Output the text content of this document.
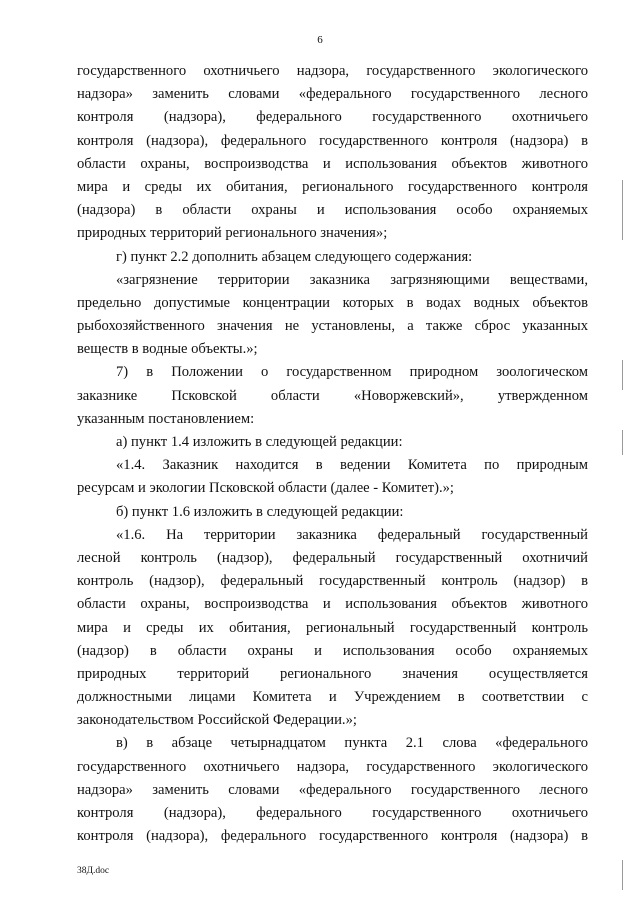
6
государственного охотничьего надзора, государственного экологического
надзора» заменить словами «федерального государственного лесного
контроля (надзора), федерального государственного охотничьего
контроля (надзора), федерального государственного контроля (надзора) в
области охраны, воспроизводства и использования объектов животного
мира и среды их обитания, регионального государственного контроля
(надзора) в области охраны и использования особо охраняемых
природных территорий регионального значения»;
г) пункт 2.2 дополнить абзацем следующего содержания:
«загрязнение территории заказника загрязняющими веществами,
предельно допустимые концентрации которых в водах водных объектов
рыбохозяйственного значения не установлены, а также сброс указанных
веществ в водные объекты.»;
7) в Положении о государственном природном зоологическом
заказнике Псковской области «Новоржевский», утвержденном
указанным постановлением:
а) пункт 1.4 изложить в следующей редакции:
«1.4. Заказник находится в ведении Комитета по природным
ресурсам и экологии Псковской области (далее - Комитет).»;
б) пункт 1.6 изложить в следующей редакции:
«1.6. На территории заказника федеральный государственный
лесной контроль (надзор), федеральный государственный охотничий
контроль (надзор), федеральный государственный контроль (надзор) в
области охраны, воспроизводства и использования объектов животного
мира и среды их обитания, региональный государственный контроль
(надзор) в области охраны и использования особо охраняемых
природных территорий регионального значения осуществляется
должностными лицами Комитета и Учреждением в соответствии с
законодательством Российской Федерации.»;
в) в абзаце четырнадцатом пункта 2.1 слова «федерального
государственного охотничьего надзора, государственного экологического
надзора» заменить словами «федерального государственного лесного
контроля (надзора), федерального государственного охотничьего
контроля (надзора), федерального государственного контроля (надзора) в
38Д.doc
